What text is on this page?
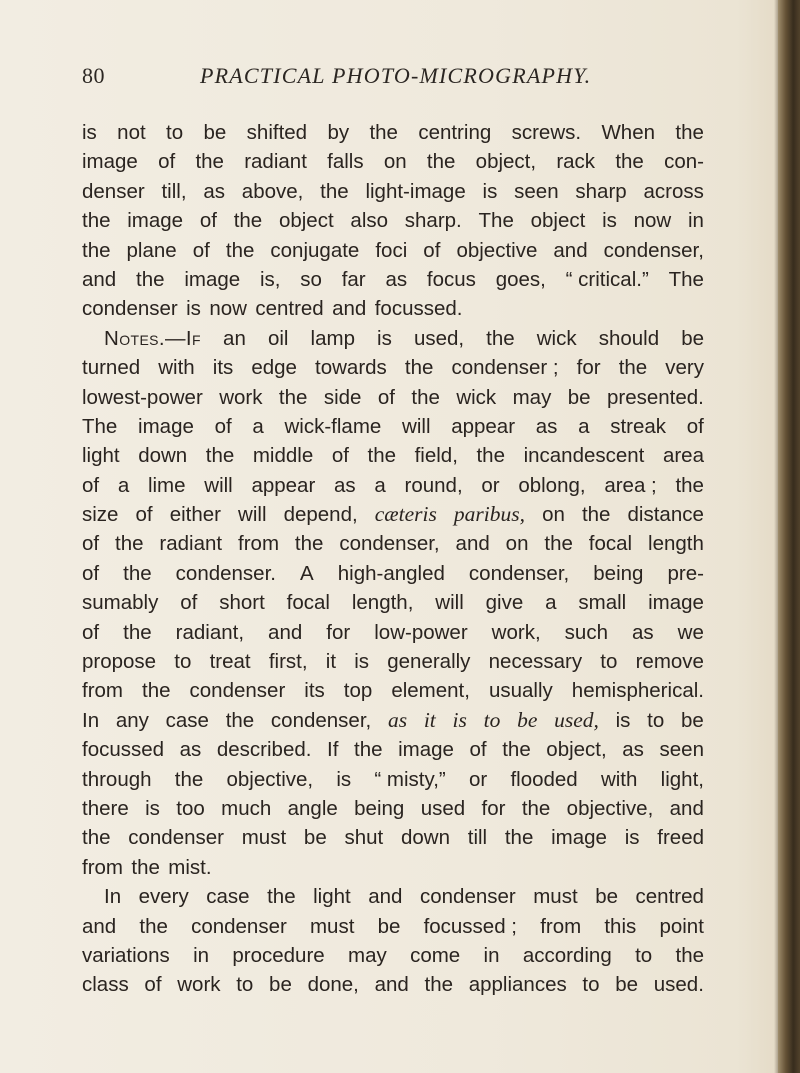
80	PRACTICAL PHOTO-MICROGRAPHY.
is not to be shifted by the centring screws. When the
image of the radiant falls on the object, rack the con-
denser till, as above, the light-image is seen sharp across
the image of the object also sharp. The object is now in
the plane of the conjugate foci of objective and condenser,
and the image is, so far as focus goes, “ critical.” The
condenser is now centred and focussed.
Notes.—If an oil lamp is used, the wick should be
turned with its edge towards the condenser ; for the very
lowest-power work the side of the wick may be presented.
The image of a wick-flame will appear as a streak of
light down the middle of the field, the incandescent area
of a lime will appear as a round, or oblong, area ; the
size of either will depend, cæteris paribus, on the distance
of the radiant from the condenser, and on the focal length
of the condenser. A high-angled condenser, being pre-
sumably of short focal length, will give a small image
of the radiant, and for low-power work, such as we
propose to treat first, it is generally necessary to remove
from the condenser its top element, usually hemispherical.
In any case the condenser, as it is to be used, is to be
focussed as described. If the image of the object, as seen
through the objective, is “ misty,” or flooded with light,
there is too much angle being used for the objective, and
the condenser must be shut down till the image is freed
from the mist.
In every case the light and condenser must be centred
and the condenser must be focussed ; from this point
variations in procedure may come in according to the
class of work to be done, and the appliances to be used.
